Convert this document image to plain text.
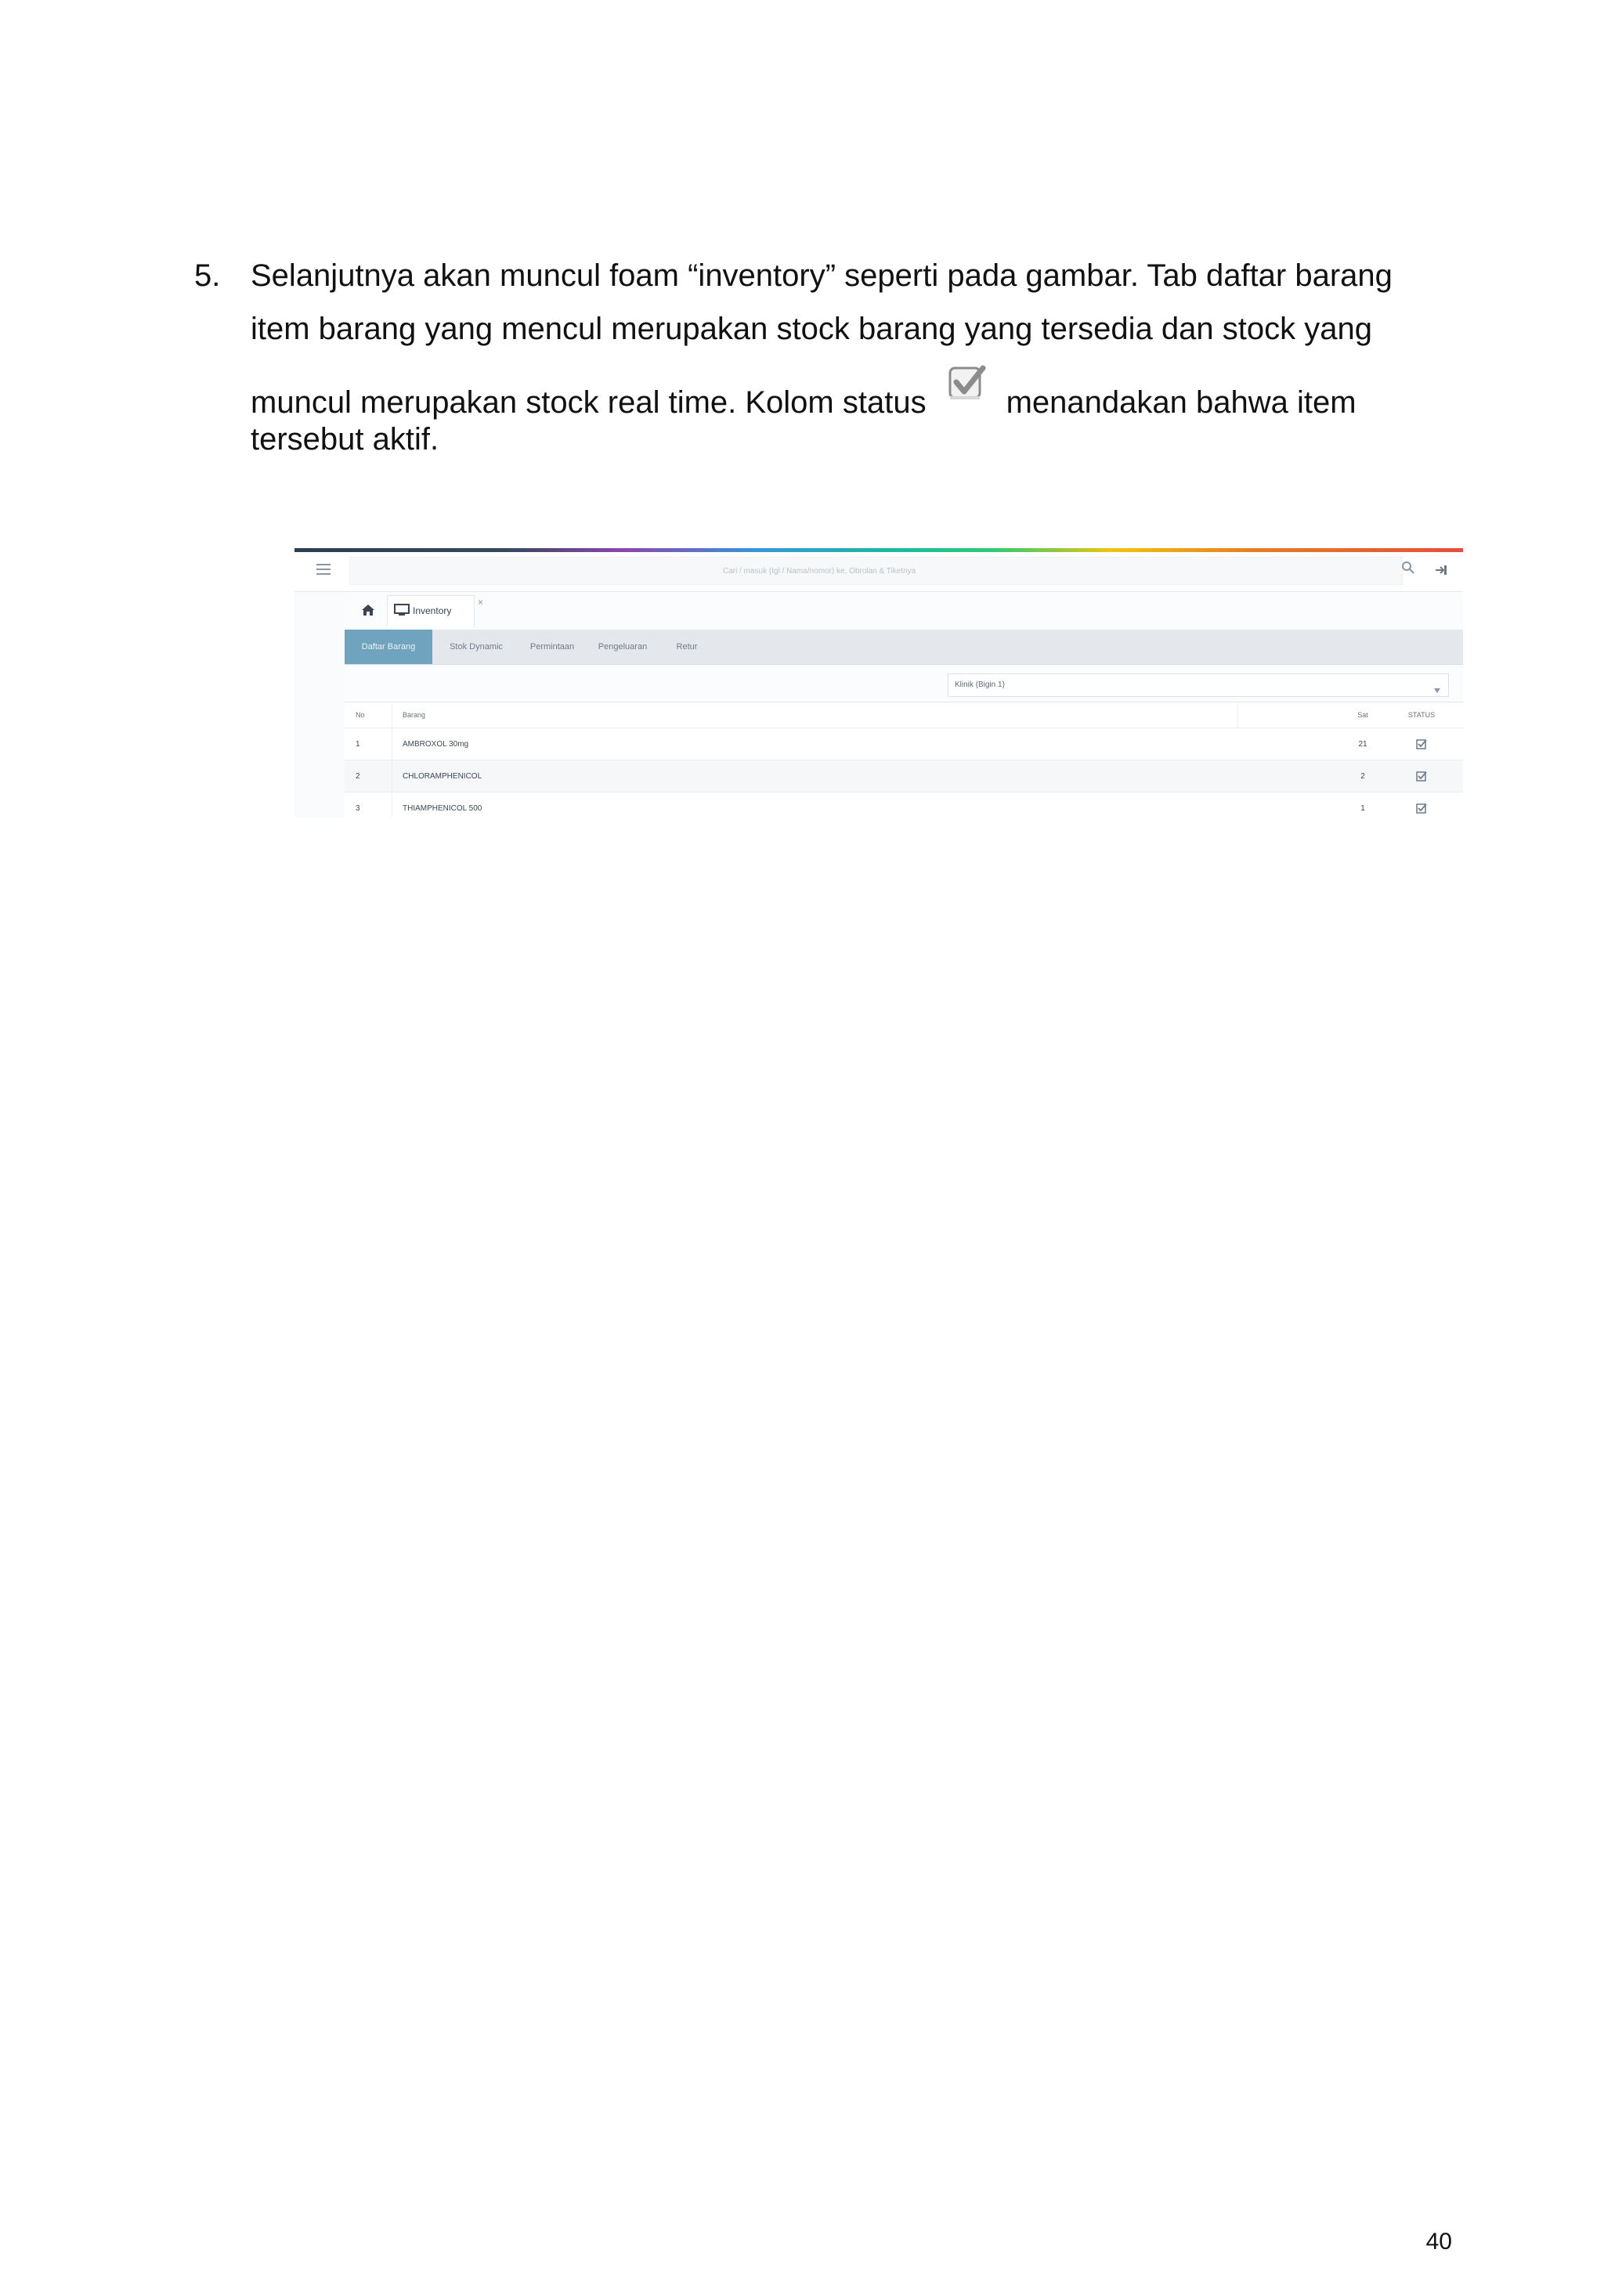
5. Selanjutnya akan muncul foam “inventory” seperti pada gambar. Tab daftar barang
item barang yang mencul merupakan stock barang yang tersedia dan stock yang
muncul merupakan stock real time. Kolom status	menandakan bahwa item
tersebut aktif.
Cari / masuk (tgl / Nama/nomor) ke, Obrolan & Tiketnya
Inventory
×
Daftar Barang	Stok Dynamic	Permintaan	Pengeluaran	Retur
Klinik (Bigin 1)
No	Barang	Sat	STATUS
1	AMBROXOL 30mg	21
2	CHLORAMPHENICOL	2
3	THIAMPHENICOL 500	1
40
